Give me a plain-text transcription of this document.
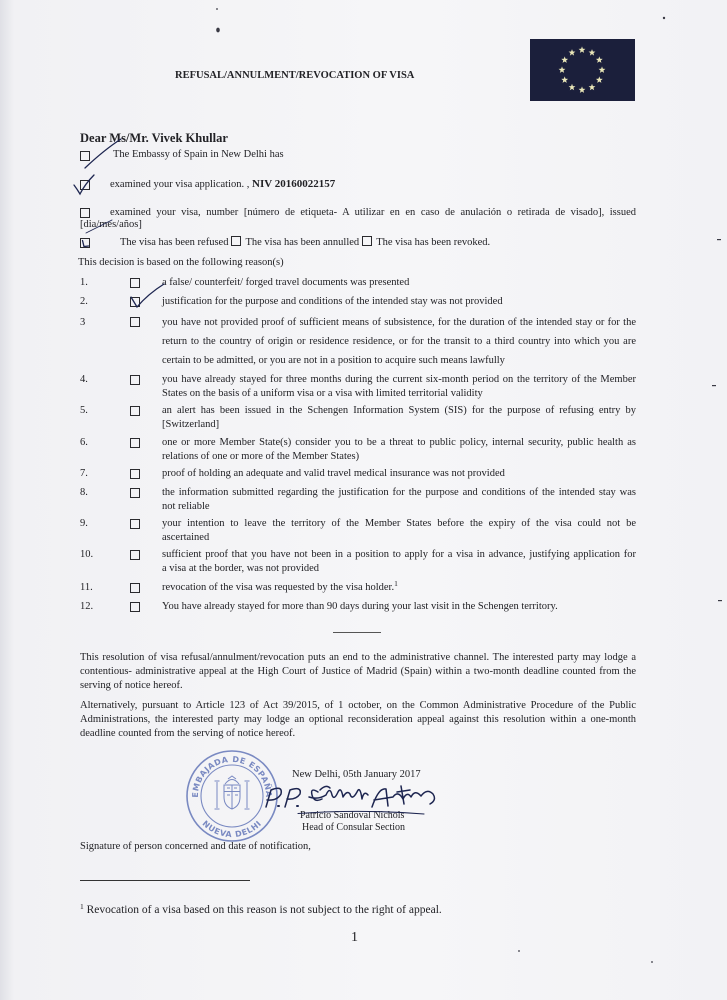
REFUSAL/ANNULMENT/REVOCATION OF VISA
Dear Ms/Mr. Vivek Khullar
The Embassy of Spain in New Delhi has
examined your visa application. , NIV 20160022157
examined your visa, number [número de etiqueta- A utilizar en en caso de anulación o retirada de visado], issued
[dia/mes/años]
The visa has been refused The visa has been annulled The visa has been revoked.
This decision is based on the following reason(s)
1.	a false/ counterfeit/ forged travel documents was presented
2.	justification for the purpose and conditions of the intended stay was not provided
3	you have not provided proof of sufficient means of subsistence, for the duration of the intended stay or for the
return to the country of origin or residence residence, or for the transit to a third country into which you are
certain to be admitted, or you are not in a position to acquire such means lawfully
4.	you have already stayed for three months during the current six-month period on the territory of the Member
States on the basis of a uniform visa or a visa with limited territorial validity
5.	an alert has been issued in the Schengen Information System (SIS) for the purpose of refusing entry by
[Switzerland]
6.	one or more Member State(s) consider you to be a threat to public policy, internal security, public health as
relations of one or more of the Member States)
7.	proof of holding an adequate and valid travel medical insurance was not provided
8.	the information submitted regarding the justification for the purpose and conditions of the intended stay was
not reliable
9.	your intention to leave the territory of the Member States before the expiry of the visa could not be
ascertained
10.	sufficient proof that you have not been in a position to apply for a visa in advance, justifying application for
a visa at the border, was not provided
11.	revocation of the visa was requested by the visa holder.$^1$
12.	You have already stayed for more than 90 days during your last visit in the Schengen territory.
This resolution of visa refusal/annulment/revocation puts an end to the administrative channel. The interested party may lodge a
contentious- administrative appeal at the High Court of Justice of Madrid (Spain) within a two-month deadline counted from the
serving of notice hereof.
Alternatively, pursuant to Article 123 of Act 39/2015, of 1 october, on the Common Administrative Procedure of the Public
Administrations, the interested party may lodge an optional reconsideration appeal against this resolution within a one-month
deadline counted from the serving of notice hereof.
New Delhi, 05th January 2017
Patricio Sandoval Nichols
Head of Consular Section
Signature of person concerned and date of notification,
$^1$ Revocation of a visa based on this reason is not subject to the right of appeal.
1
EMBAJADA DE ESPAÑA
NUEVA DELHI
